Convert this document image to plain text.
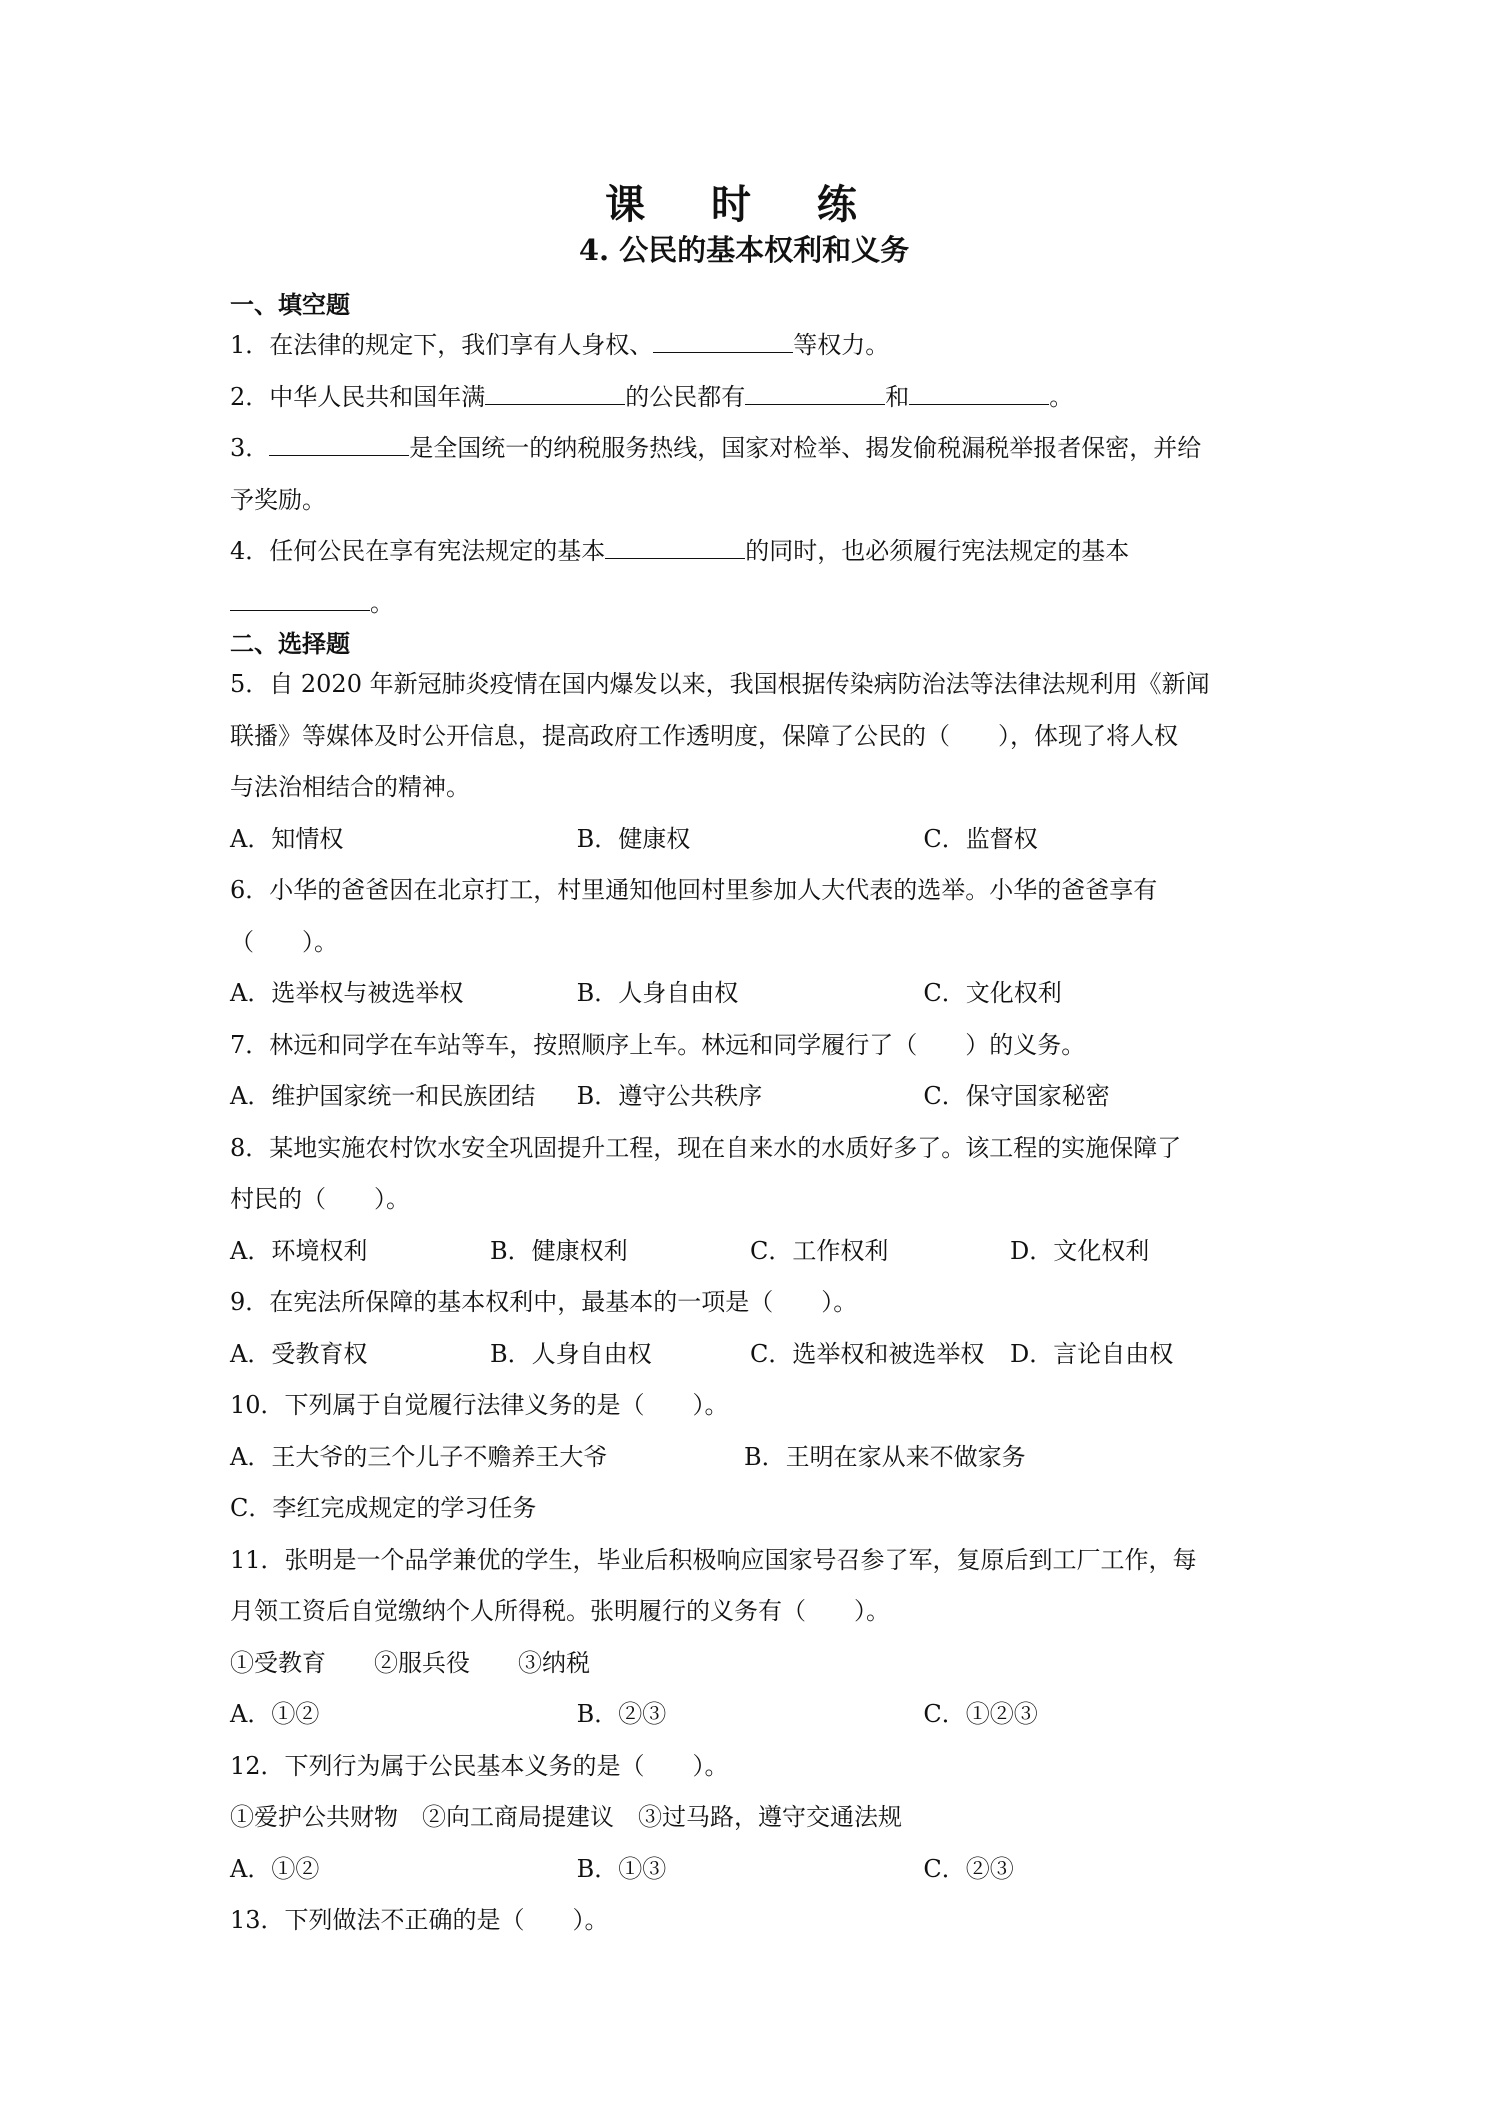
课 时 练
4. 公民的基本权利和义务
一、填空题
1．在法律的规定下，我们享有人身权、	等权力。
2．中华人民共和国年满	的公民都有	和	。
3．	是全国统一的纳税服务热线，国家对检举、揭发偷税漏税举报者保密，并给
予奖励。
4．任何公民在享有宪法规定的基本	的同时，也必须履行宪法规定的基本
。
二、选择题
5．自 2020 年新冠肺炎疫情在国内爆发以来，我国根据传染病防治法等法律法规利用《新闻
联播》等媒体及时公开信息，提高政府工作透明度，保障了公民的（　　），体现了将人权
与法治相结合的精神。
A．知情权	B．健康权	C．监督权
6．小华的爸爸因在北京打工，村里通知他回村里参加人大代表的选举。小华的爸爸享有
（　　）。
A．选举权与被选举权	B．人身自由权	C．文化权利
7．林远和同学在车站等车，按照顺序上车。林远和同学履行了（　　）的义务。
A．维护国家统一和民族团结	B．遵守公共秩序	C．保守国家秘密
8．某地实施农村饮水安全巩固提升工程，现在自来水的水质好多了。该工程的实施保障了
村民的（　　）。
A．环境权利	B．健康权利	C．工作权利	D．文化权利
9．在宪法所保障的基本权利中，最基本的一项是（　　）。
A．受教育权	B．人身自由权	C．选举权和被选举权	D．言论自由权
10．下列属于自觉履行法律义务的是（　　）。
A．王大爷的三个儿子不赡养王大爷	B．王明在家从来不做家务
C．李红完成规定的学习任务
11．张明是一个品学兼优的学生，毕业后积极响应国家号召参了军，复原后到工厂工作，每
月领工资后自觉缴纳个人所得税。张明履行的义务有（　　）。
①受教育　　②服兵役　　③纳税
A．①②	B．②③	C．①②③
12．下列行为属于公民基本义务的是（　　）。
①爱护公共财物　②向工商局提建议　③过马路，遵守交通法规
A．①②	B．①③	C．②③
13．下列做法不正确的是（　　）。
